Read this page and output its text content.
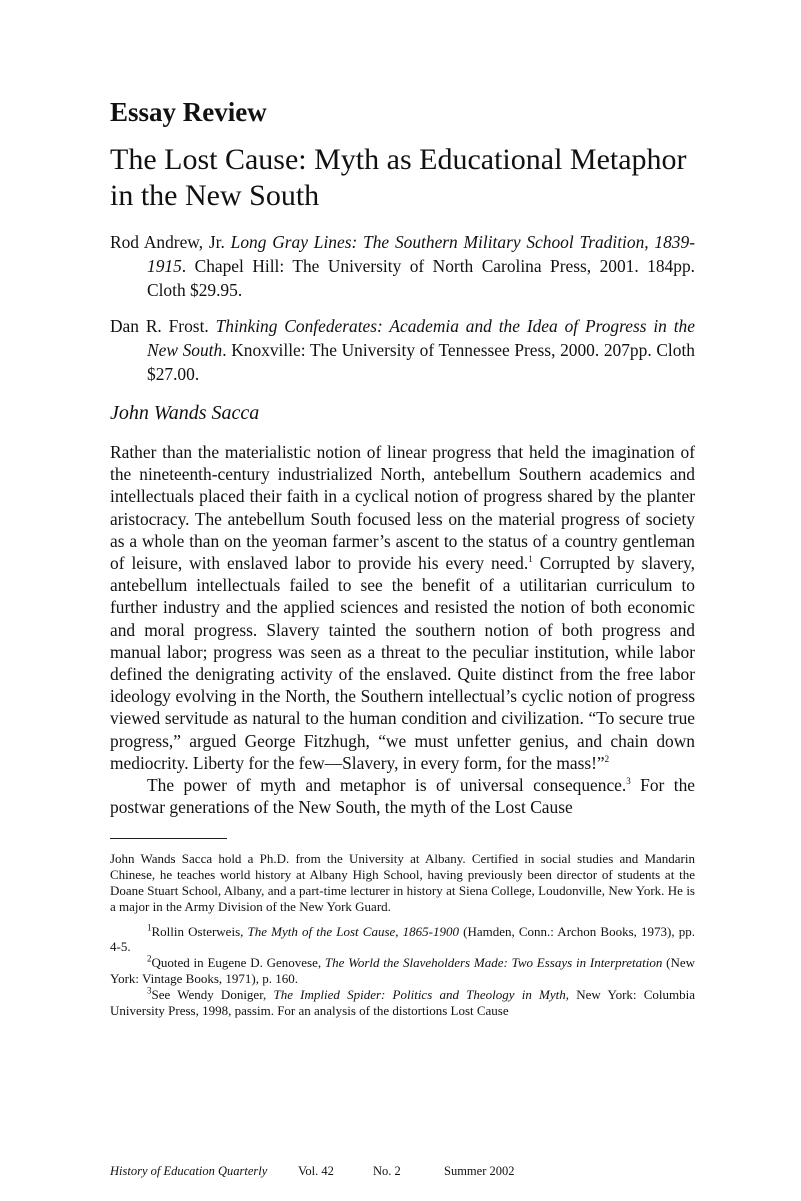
Essay Review
The Lost Cause: Myth as Educational Metaphor in the New South

Rod Andrew, Jr. Long Gray Lines: The Southern Military School Tradition, 1839-1915. Chapel Hill: The University of North Carolina Press, 2001. 184pp. Cloth $29.95.

Dan R. Frost. Thinking Confederates: Academia and the Idea of Progress in the New South. Knoxville: The University of Tennessee Press, 2000. 207pp. Cloth $27.00.

John Wands Sacca

Rather than the materialistic notion of linear progress that held the imagination of the nineteenth-century industrialized North, antebellum Southern academics and intellectuals placed their faith in a cyclical notion of progress shared by the planter aristocracy. The antebellum South focused less on the material progress of society as a whole than on the yeoman farmer’s ascent to the status of a country gentleman of leisure, with enslaved labor to provide his every need.$^1$ Corrupted by slavery, antebellum intellectuals failed to see the benefit of a utilitarian curriculum to further industry and the applied sciences and resisted the notion of both economic and moral progress. Slavery tainted the southern notion of both progress and manual labor; progress was seen as a threat to the peculiar institution, while labor defined the denigrating activity of the enslaved. Quite distinct from the free labor ideology evolving in the North, the Southern intellectual’s cyclic notion of progress viewed servitude as natural to the human condition and civilization. “To secure true progress,” argued George Fitzhugh, “we must unfetter genius, and chain down mediocrity. Liberty for the few—Slavery, in every form, for the mass!”$^2$

The power of myth and metaphor is of universal consequence.$^3$ For the postwar generations of the New South, the myth of the Lost Cause

John Wands Sacca hold a Ph.D. from the University at Albany. Certified in social studies and Mandarin Chinese, he teaches world history at Albany High School, having previously been director of students at the Doane Stuart School, Albany, and a part-time lecturer in history at Siena College, Loudonville, New York. He is a major in the Army Division of the New York Guard.

$^1$Rollin Osterweis, The Myth of the Lost Cause, 1865-1900 (Hamden, Conn.: Archon Books, 1973), pp. 4-5.

$^2$Quoted in Eugene D. Genovese, The World the Slaveholders Made: Two Essays in Interpretation (New York: Vintage Books, 1971), p. 160.

$^3$See Wendy Doniger, The Implied Spider: Politics and Theology in Myth, New York: Columbia University Press, 1998, passim. For an analysis of the distortions Lost Cause

History of Education Quarterly Vol. 42	No. 2	Summer 2002
